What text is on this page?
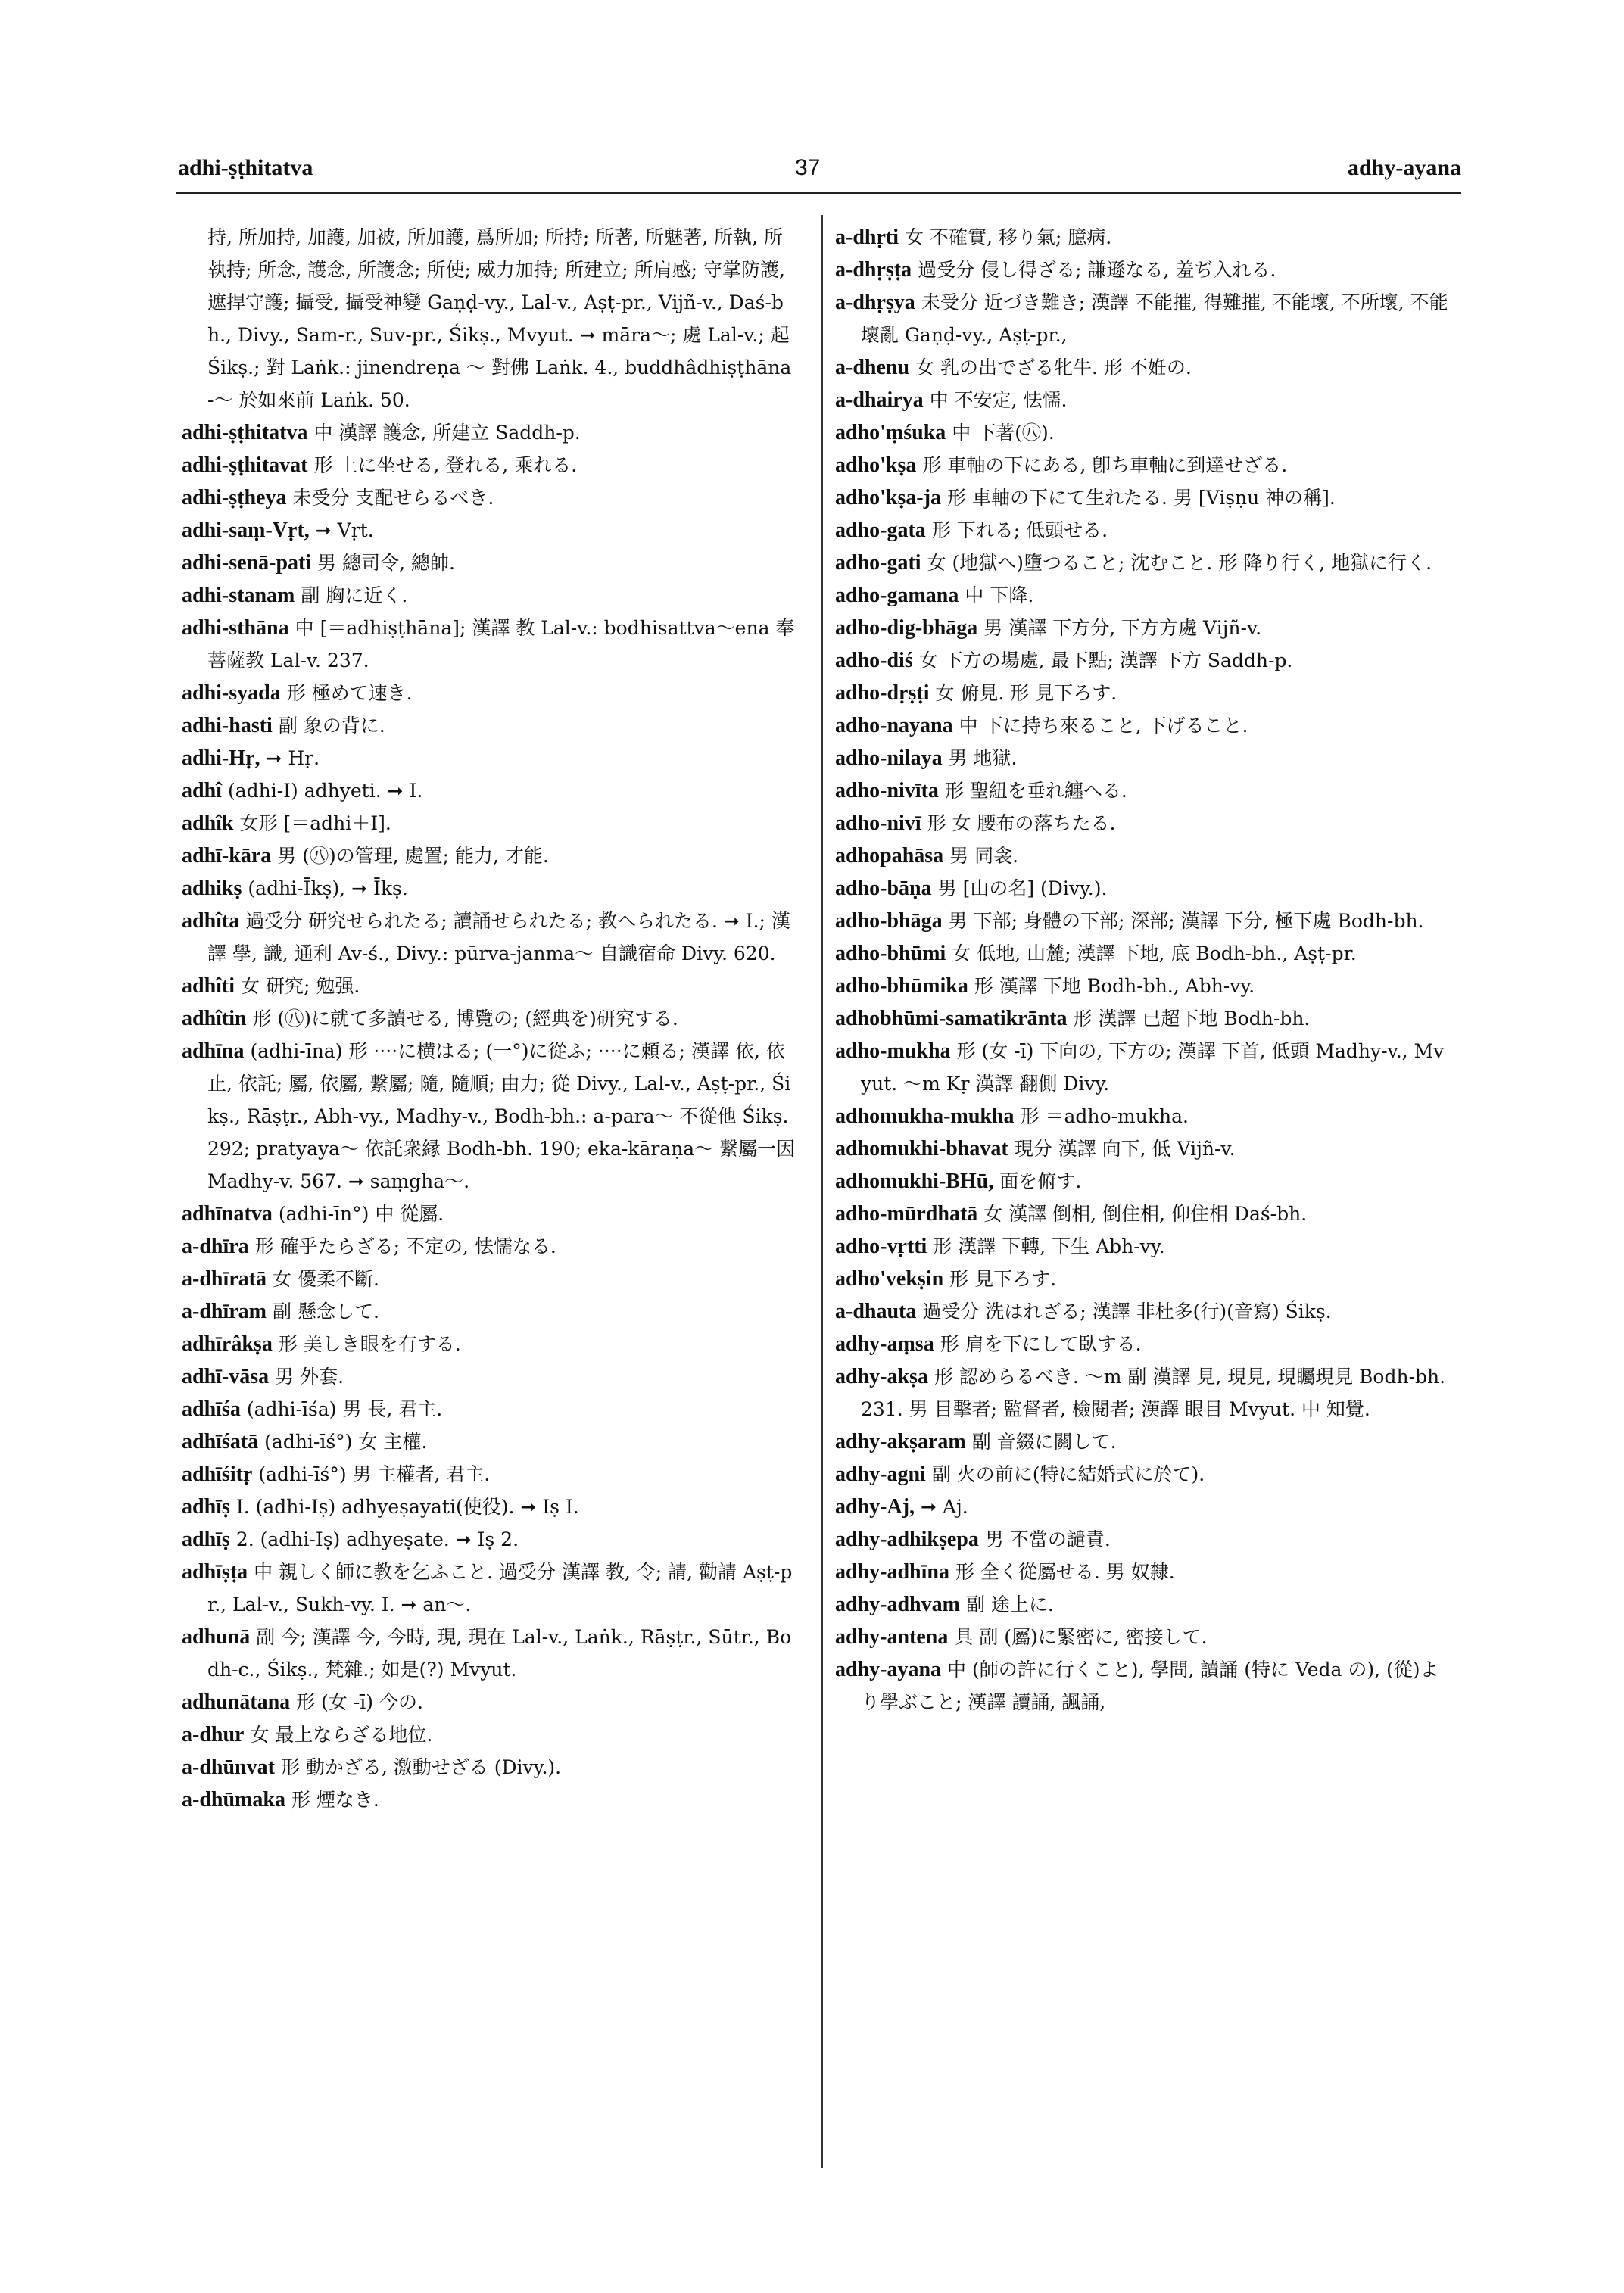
adhi-ṣṭhitatva	37	adhy-ayana

持, 所加持, 加護, 加被, 所加護, 爲所加; 所持; 所著, 所魅著, 所執, 所執持; 所念, 護念, 所護念; 所使; 威力加持; 所建立; 所肩感; 守掌防護, 遮捍守護; 攝受, 攝受神變 Gaṇḍ-vy., Lal-v., Aṣṭ-pr., Vijñ-v., Daś-bh., Divy., Sam-r., Suv-pr., Śikṣ., Mvyut. ➞ māra〜; 處 Lal-v.; 起 Śikṣ.; 對 Laṅk.: jinendreṇa 〜 對佛 Laṅk. 4., buddhâdhiṣṭhāna-〜 於如來前 Laṅk. 50.

adhi-ṣṭhitatva 中 漢譯 護念, 所建立 Saddh-p.

adhi-ṣṭhitavat 形 上に坐せる, 登れる, 乘れる.

adhi-ṣṭheya 未受分 支配せらるべき.

adhi-saṃ-Vṛt, ➞ Vṛt.

adhi-senā-pati 男 總司令, 總帥.

adhi-stanam 副 胸に近く.

adhi-sthāna 中 [＝adhiṣṭhāna]; 漢譯 教 Lal-v.: bodhisattva〜ena 奉菩薩教 Lal-v. 237.

adhi-syada 形 極めて速き.

adhi-hasti 副 象の背に.

adhi-Hṛ, ➞ Hṛ.

adhî (adhi-I) adhyeti. ➞ I.

adhîk 女形 [＝adhi＋I].

adhī-kāra 男 (㊇)の管理, 處置; 能力, 才能.

adhikṣ (adhi-Īkṣ), ➞ Īkṣ.

adhîta 過受分 研究せられたる; 讀誦せられたる; 教へられたる. ➞ I.; 漢譯 學, 識, 通利 Av-ś., Divy.: pūrva-janma〜 自識宿命 Divy. 620.

adhîti 女 研究; 勉强.

adhîtin 形 (㊇)に就て多讀せる, 博覽の; (經典を)研究する.

adhīna (adhi-īna) 形 ····に横はる; (一°)に從ふ; ····に頼る; 漢譯 依, 依止, 依託; 屬, 依屬, 繋屬; 隨, 隨順; 由力; 從 Divy., Lal-v., Aṣṭ-pr., Śikṣ., Rāṣṭr., Abh-vy., Madhy-v., Bodh-bh.: a-para〜 不從他 Śikṣ. 292; pratyaya〜 依託衆縁 Bodh-bh. 190; eka-kāraṇa〜 繋屬一因 Madhy-v. 567. ➞ saṃgha〜.

adhīnatva (adhi-īn°) 中 從屬.

a-dhīra 形 確乎たらざる; 不定の, 怯懦なる.

a-dhīratā 女 優柔不斷.

a-dhīram 副 懸念して.

adhīrâkṣa 形 美しき眼を有する.

adhī-vāsa 男 外套.

adhīśa (adhi-īśa) 男 長, 君主.

adhīśatā (adhi-īś°) 女 主權.

adhīśitṛ (adhi-īś°) 男 主權者, 君主.

adhīṣ I. (adhi-Iṣ) adhyeṣayati(使役). ➞ Iṣ I.

adhīṣ 2. (adhi-Iṣ) adhyeṣate. ➞ Iṣ 2.

adhīṣṭa 中 親しく師に教を乞ふこと. 過受分 漢譯 教, 令; 請, 勸請 Aṣṭ-pr., Lal-v., Sukh-vy. I. ➞ an〜.

adhunā 副 今; 漢譯 今, 今時, 現, 現在 Lal-v., Laṅk., Rāṣṭr., Sūtr., Bodh-c., Śikṣ., 梵雜.; 如是(?) Mvyut.

adhunātana 形 (女 -ī) 今の.

a-dhur 女 最上ならざる地位.

a-dhūnvat 形 動かざる, 激動せざる (Divy.).

a-dhūmaka 形 煙なき.

a-dhṛti 女 不確實, 移り氣; 臆病.

a-dhṛṣṭa 過受分 侵し得ざる; 謙遜なる, 羞ぢ入れる.

a-dhṛṣya 未受分 近づき難き; 漢譯 不能摧, 得難摧, 不能壞, 不所壞, 不能壞亂 Gaṇḍ-vy., Aṣṭ-pr.,

a-dhenu 女 乳の出でざる牝牛. 形 不姙の.

a-dhairya 中 不安定, 怯懦.

adho'ṃśuka 中 下著(㊇).

adho'kṣa 形 車軸の下にある, 卽ち車軸に到達せざる.

adho'kṣa-ja 形 車軸の下にて生れたる. 男 [Viṣṇu 神の稱].

adho-gata 形 下れる; 低頭せる.

adho-gati 女 (地獄へ)墮つること; 沈むこと. 形 降り行く, 地獄に行く.

adho-gamana 中 下降.

adho-dig-bhāga 男 漢譯 下方分, 下方方處 Vijñ-v.

adho-diś 女 下方の場處, 最下點; 漢譯 下方 Saddh-p.

adho-dṛṣṭi 女 俯見. 形 見下ろす.

adho-nayana 中 下に持ち來ること, 下げること.

adho-nilaya 男 地獄.

adho-nivīta 形 聖紐を垂れ纏へる.

adho-nivī 形 女 腰布の落ちたる.

adhopahāsa 男 同衾.

adho-bāṇa 男 [山の名] (Divy.).

adho-bhāga 男 下部; 身體の下部; 深部; 漢譯 下分, 極下處 Bodh-bh.

adho-bhūmi 女 低地, 山麓; 漢譯 下地, 底 Bodh-bh., Aṣṭ-pr.

adho-bhūmika 形 漢譯 下地 Bodh-bh., Abh-vy.

adhobhūmi-samatikrānta 形 漢譯 已超下地 Bodh-bh.

adho-mukha 形 (女 -ī) 下向の, 下方の; 漢譯 下首, 低頭 Madhy-v., Mvyut. 〜m Kṛ 漢譯 翻側 Divy.

adhomukha-mukha 形 ＝adho-mukha.

adhomukhi-bhavat 現分 漢譯 向下, 低 Vijñ-v.

adhomukhi-BHū, 面を俯す.

adho-mūrdhatā 女 漢譯 倒相, 倒住相, 仰住相 Daś-bh.

adho-vṛtti 形 漢譯 下轉, 下生 Abh-vy.

adho'vekṣin 形 見下ろす.

a-dhauta 過受分 洗はれざる; 漢譯 非杜多(行)(音寫) Śikṣ.

adhy-aṃsa 形 肩を下にして臥する.

adhy-akṣa 形 認めらるべき. 〜m 副 漢譯 見, 現見, 現矚現見 Bodh-bh. 231. 男 目擊者; 監督者, 檢閱者; 漢譯 眼目 Mvyut. 中 知覺.

adhy-akṣaram 副 音綴に關して.

adhy-agni 副 火の前に(特に結婚式に於て).

adhy-Aj, ➞ Aj.

adhy-adhikṣepa 男 不當の譴責.

adhy-adhīna 形 全く從屬せる. 男 奴隸.

adhy-adhvam 副 途上に.

adhy-antena 具 副 (屬)に緊密に, 密接して.

adhy-ayana 中 (師の許に行くこと), 學問, 讀誦 (特に Veda の), (從)より學ぶこと; 漢譯 讀誦, 諷誦,
